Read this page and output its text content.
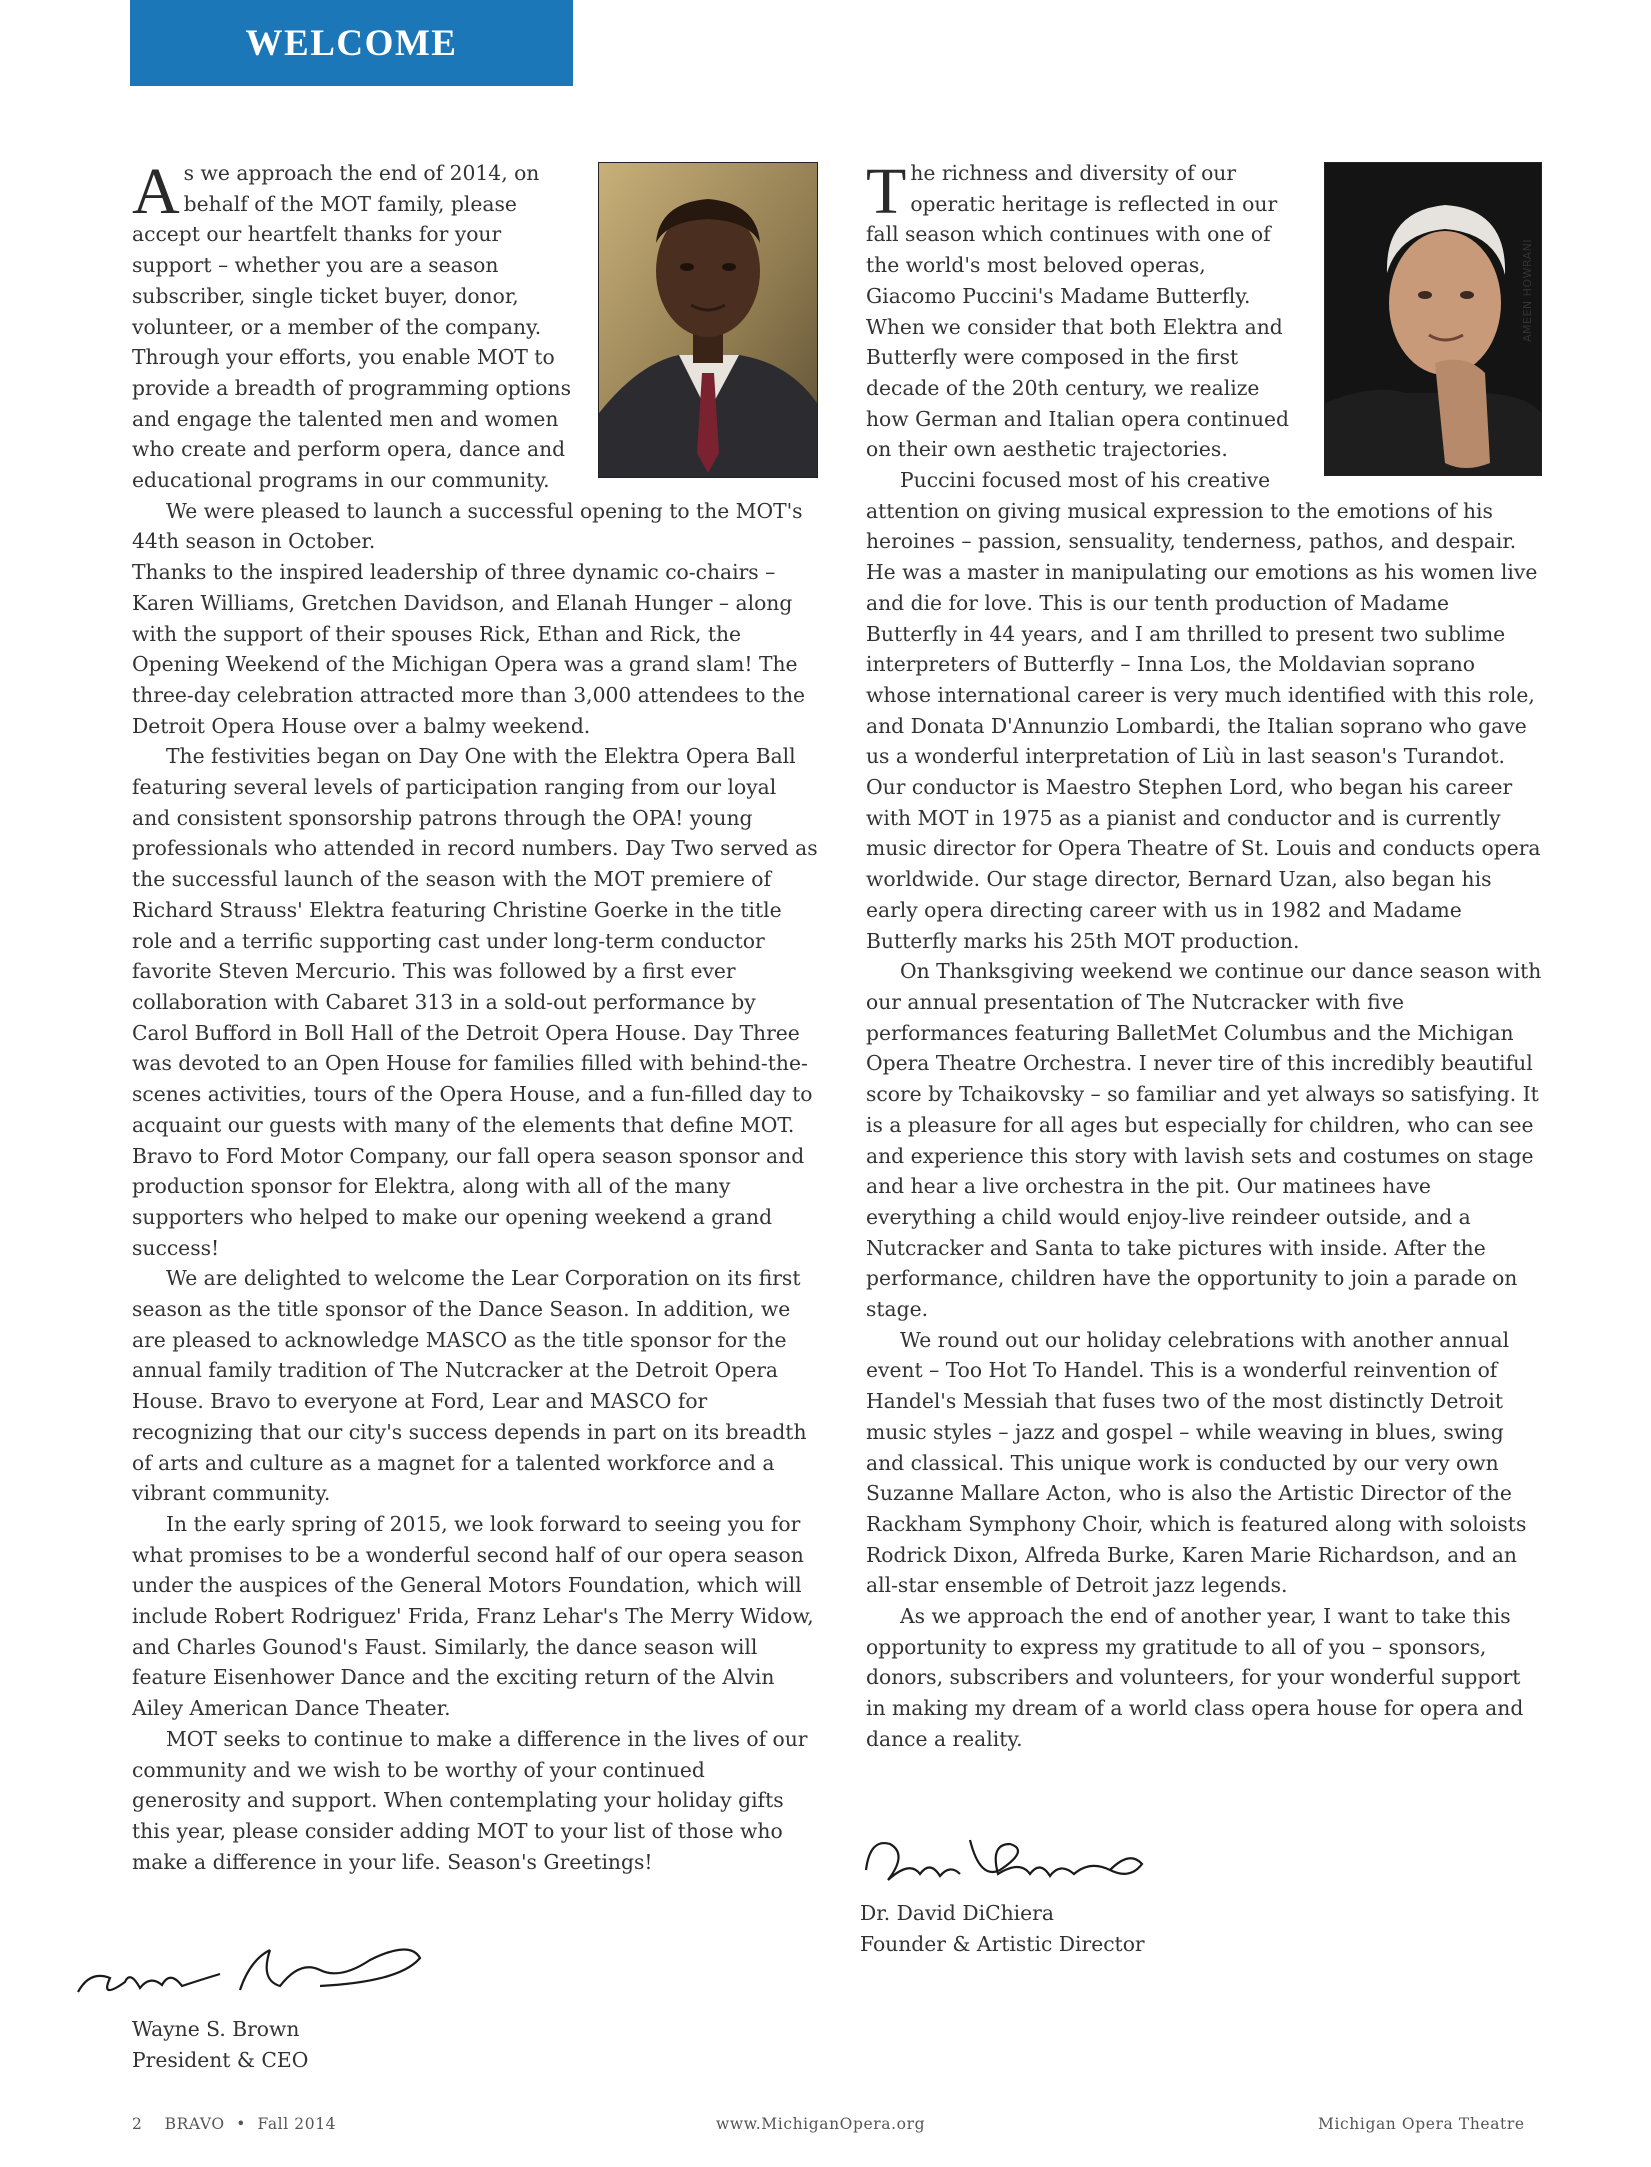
WELCOME
A s we approach the end of 2014, on behalf of the MOT family, please accept our heartfelt thanks for your support – whether you are a season subscriber, single ticket buyer, donor, volunteer, or a member of the company. Through your efforts, you enable MOT to provide a breadth of programming options and engage the talented men and women who create and perform opera, dance and educational programs in our community.

We were pleased to launch a successful opening to the MOT's 44th season in October.

Thanks to the inspired leadership of three dynamic co-chairs – Karen Williams, Gretchen Davidson, and Elanah Hunger – along with the support of their spouses Rick, Ethan and Rick, the Opening Weekend of the Michigan Opera was a grand slam! The three-day celebration attracted more than 3,000 attendees to the Detroit Opera House over a balmy weekend.

The festivities began on Day One with the Elektra Opera Ball featuring several levels of participation ranging from our loyal and consistent sponsorship patrons through the OPA! young professionals who attended in record numbers. Day Two served as the successful launch of the season with the MOT premiere of Richard Strauss' Elektra featuring Christine Goerke in the title role and a terrific supporting cast under long-term conductor favorite Steven Mercurio. This was followed by a first ever collaboration with Cabaret 313 in a sold-out performance by Carol Bufford in Boll Hall of the Detroit Opera House. Day Three was devoted to an Open House for families filled with behind-the-scenes activities, tours of the Opera House, and a fun-filled day to acquaint our guests with many of the elements that define MOT. Bravo to Ford Motor Company, our fall opera season sponsor and production sponsor for Elektra, along with all of the many supporters who helped to make our opening weekend a grand success!

We are delighted to welcome the Lear Corporation on its first season as the title sponsor of the Dance Season. In addition, we are pleased to acknowledge MASCO as the title sponsor for the annual family tradition of The Nutcracker at the Detroit Opera House. Bravo to everyone at Ford, Lear and MASCO for recognizing that our city's success depends in part on its breadth of arts and culture as a magnet for a talented workforce and a vibrant community.

In the early spring of 2015, we look forward to seeing you for what promises to be a wonderful second half of our opera season under the auspices of the General Motors Foundation, which will include Robert Rodriguez' Frida, Franz Lehar's The Merry Widow, and Charles Gounod's Faust. Similarly, the dance season will feature Eisenhower Dance and the exciting return of the Alvin Ailey American Dance Theater.

MOT seeks to continue to make a difference in the lives of our community and we wish to be worthy of your continued generosity and support. When contemplating your holiday gifts this year, please consider adding MOT to your list of those who make a difference in your life. Season's Greetings!

Wayne S. Brown
President & CEO
T he richness and diversity of our operatic heritage is reflected in our fall season which continues with one of the world's most beloved operas, Giacomo Puccini's Madame Butterfly. When we consider that both Elektra and Butterfly were composed in the first decade of the 20th century, we realize how German and Italian opera continued on their own aesthetic trajectories.

Puccini focused most of his creative attention on giving musical expression to the emotions of his heroines – passion, sensuality, tenderness, pathos, and despair. He was a master in manipulating our emotions as his women live and die for love. This is our tenth production of Madame Butterfly in 44 years, and I am thrilled to present two sublime interpreters of Butterfly – Inna Los, the Moldavian soprano whose international career is very much identified with this role, and Donata D'Annunzio Lombardi, the Italian soprano who gave us a wonderful interpretation of Liù in last season's Turandot. Our conductor is Maestro Stephen Lord, who began his career with MOT in 1975 as a pianist and conductor and is currently music director for Opera Theatre of St. Louis and conducts opera worldwide. Our stage director, Bernard Uzan, also began his early opera directing career with us in 1982 and Madame Butterfly marks his 25th MOT production.

On Thanksgiving weekend we continue our dance season with our annual presentation of The Nutcracker with five performances featuring BalletMet Columbus and the Michigan Opera Theatre Orchestra. I never tire of this incredibly beautiful score by Tchaikovsky – so familiar and yet always so satisfying. It is a pleasure for all ages but especially for children, who can see and experience this story with lavish sets and costumes on stage and hear a live orchestra in the pit. Our matinees have everything a child would enjoy-live reindeer outside, and a Nutcracker and Santa to take pictures with inside. After the performance, children have the opportunity to join a parade on stage.

We round out our holiday celebrations with another annual event – Too Hot To Handel. This is a wonderful reinvention of Handel's Messiah that fuses two of the most distinctly Detroit music styles – jazz and gospel – while weaving in blues, swing and classical. This unique work is conducted by our very own Suzanne Mallare Acton, who is also the Artistic Director of the Rackham Symphony Choir, which is featured along with soloists Rodrick Dixon, Alfreda Burke, Karen Marie Richardson, and an all-star ensemble of Detroit jazz legends.

As we approach the end of another year, I want to take this opportunity to express my gratitude to all of you – sponsors, donors, subscribers and volunteers, for your wonderful support in making my dream of a world class opera house for opera and dance a reality.

AMEEN HOWRANI
Dr. David DiChiera
Founder & Artistic Director
2 BRAVO • Fall 2014	www.MichiganOpera.org	Michigan Opera Theatre
